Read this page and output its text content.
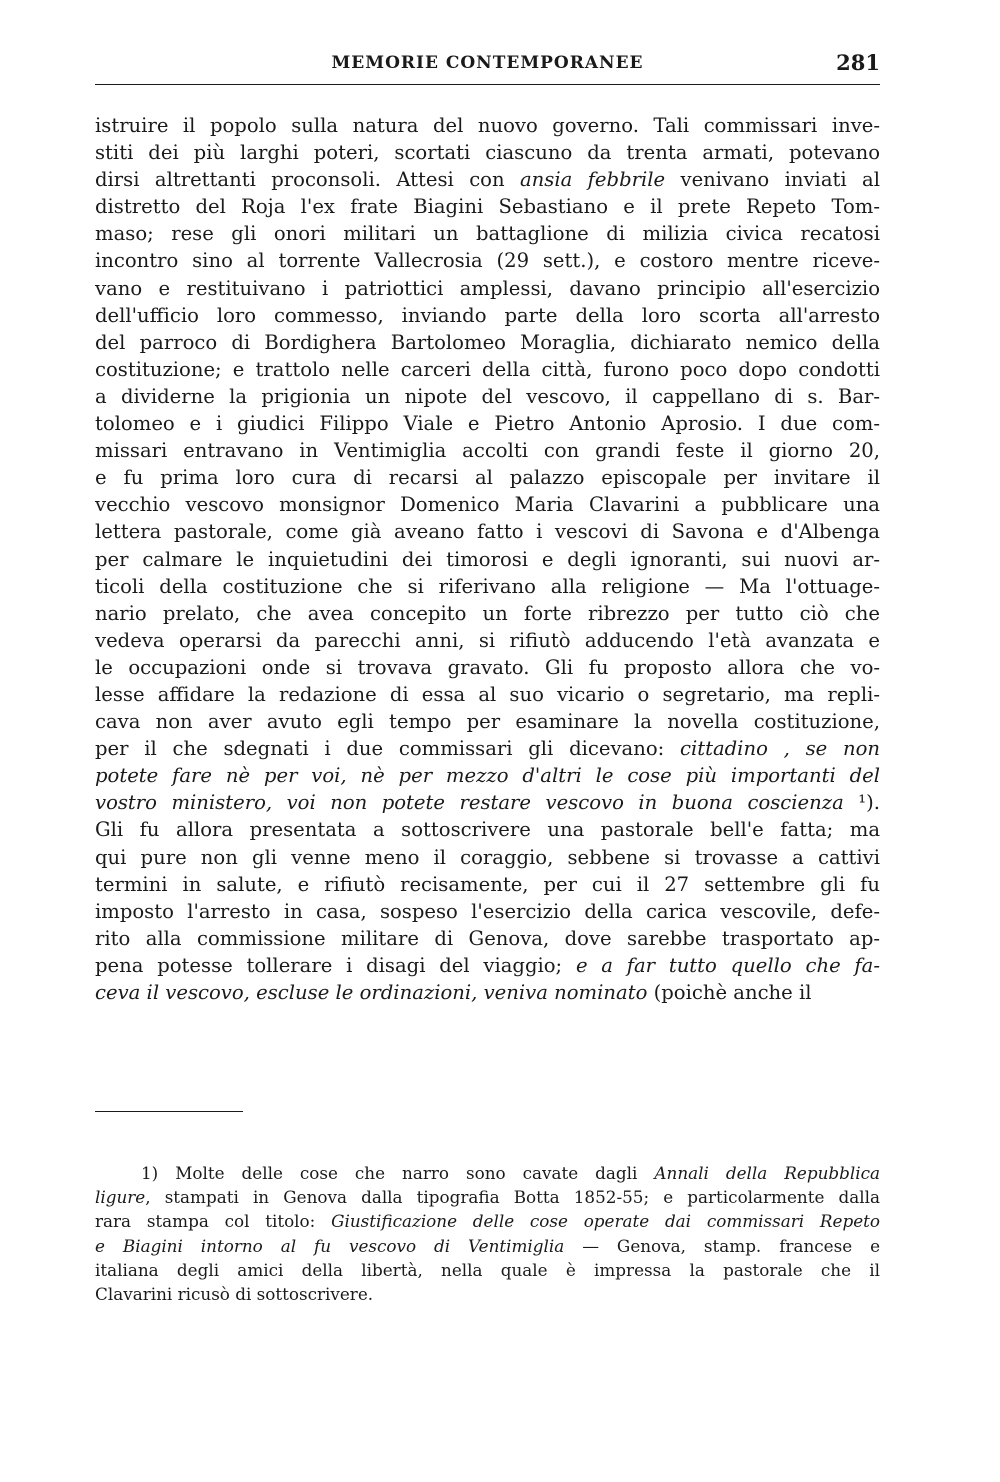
MEMORIE CONTEMPORANEE	281
istruire il popolo sulla natura del nuovo governo. Tali commissari inve-
stiti dei più larghi poteri, scortati ciascuno da trenta armati, potevano
dirsi altrettanti proconsoli. Attesi con ansia febbrile venivano inviati al
distretto del Roja l'ex frate Biagini Sebastiano e il prete Repeto Tom-
maso; rese gli onori militari un battaglione di milizia civica recatosi
incontro sino al torrente Vallecrosia (29 sett.), e costoro mentre riceve-
vano e restituivano i patriottici amplessi, davano principio all'esercizio
dell'ufficio loro commesso, inviando parte della loro scorta all'arresto
del parroco di Bordighera Bartolomeo Moraglia, dichiarato nemico della
costituzione; e trattolo nelle carceri della città, furono poco dopo condotti
a dividerne la prigionia un nipote del vescovo, il cappellano di s. Bar-
tolomeo e i giudici Filippo Viale e Pietro Antonio Aprosio. I due com-
missari entravano in Ventimiglia accolti con grandi feste il giorno 20,
e fu prima loro cura di recarsi al palazzo episcopale per invitare il
vecchio vescovo monsignor Domenico Maria Clavarini a pubblicare una
lettera pastorale, come già aveano fatto i vescovi di Savona e d'Albenga
per calmare le inquietudini dei timorosi e degli ignoranti, sui nuovi ar-
ticoli della costituzione che si riferivano alla religione — Ma l'ottuage-
nario prelato, che avea concepito un forte ribrezzo per tutto ciò che
vedeva operarsi da parecchi anni, si rifiutò adducendo l'età avanzata e
le occupazioni onde si trovava gravato. Gli fu proposto allora che vo-
lesse affidare la redazione di essa al suo vicario o segretario, ma repli-
cava non aver avuto egli tempo per esaminare la novella costituzione,
per il che sdegnati i due commissari gli dicevano: cittadino , se non
potete fare nè per voi, nè per mezzo d'altri le cose più importanti del
vostro ministero, voi non potete restare vescovo in buona coscienza ¹).
Gli fu allora presentata a sottoscrivere una pastorale bell'e fatta; ma
qui pure non gli venne meno il coraggio, sebbene si trovasse a cattivi
termini in salute, e rifiutò recisamente, per cui il 27 settembre gli fu
imposto l'arresto in casa, sospeso l'esercizio della carica vescovile, defe-
rito alla commissione militare di Genova, dove sarebbe trasportato ap-
pena potesse tollerare i disagi del viaggio; e a far tutto quello che fa-
ceva il vescovo, escluse le ordinazioni, veniva nominato (poichè anche il
1) Molte delle cose che narro sono cavate dagli Annali della Repubblica
ligure, stampati in Genova dalla tipografia Botta 1852-55; e particolarmente dalla
rara stampa col titolo: Giustificazione delle cose operate dai commissari Repeto
e Biagini intorno al fu vescovo di Ventimiglia — Genova, stamp. francese e
italiana degli amici della libertà, nella quale è impressa la pastorale che il
Clavarini ricusò di sottoscrivere.
